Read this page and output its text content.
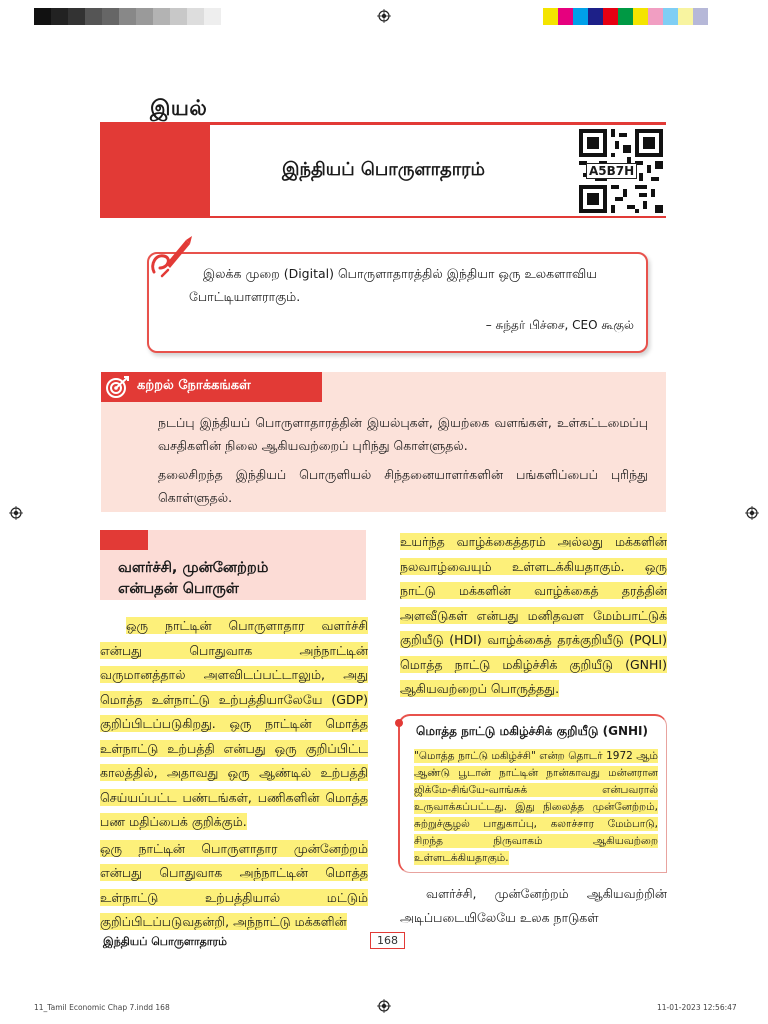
இயல்
இந்தியப் பொருளாதாரம்	A5B7H
இலக்க முறை (Digital) பொருளாதாரத்தில் இந்தியா ஒரு உலகளாவிய போட்டியாளராகும்.
– சுந்தர் பிச்சை, CEO கூகுல்
கற்றல் நோக்கங்கள்
நடப்பு இந்தியப் பொருளாதாரத்தின் இயல்புகள், இயற்கை வளங்கள், உள்கட்டமைப்பு வசதிகளின் நிலை ஆகியவற்றைப் புரிந்து கொள்ளுதல்.
தலைசிறந்த இந்தியப் பொருளியல் சிந்தனையாளர்களின் பங்களிப்பைப் புரிந்து கொள்ளுதல்.
வளர்ச்சி, முன்னேற்றம்
என்பதன் பொருள்

ஒரு நாட்டின் பொருளாதார வளர்ச்சி என்பது பொதுவாக அந்நாட்டின் வருமானத்தால் அளவிடப்பட்டாலும், அது மொத்த உள்நாட்டு உற்பத்தியாலேயே (GDP) குறிப்பிடப்படுகிறது. ஒரு நாட்டின் மொத்த உள்நாட்டு உற்பத்தி என்பது ஒரு குறிப்பிட்ட காலத்தில், அதாவது ஒரு ஆண்டில் உற்பத்தி செய்யப்பட்ட பண்டங்கள், பணிகளின் மொத்த பண மதிப்பைக் குறிக்கும்.

ஒரு நாட்டின் பொருளாதார முன்னேற்றம் என்பது பொதுவாக அந்நாட்டின் மொத்த உள்நாட்டு உற்பத்தியால் மட்டும் குறிப்பிடப்படுவதன்றி, அந்நாட்டு மக்களின்

உயர்ந்த வாழ்க்கைத்தரம் அல்லது மக்களின் நலவாழ்வையும் உள்ளடக்கியதாகும். ஒரு நாட்டு மக்களின் வாழ்க்கைத் தரத்தின் அளவீடுகள் என்பது மனிதவள மேம்பாட்டுக் குறியீடு (HDI) வாழ்க்கைத் தரக்குறியீடு (PQLI) மொத்த நாட்டு மகிழ்ச்சிக் குறியீடு (GNHI) ஆகியவற்றைப் பொருத்தது.

மொத்த நாட்டு மகிழ்ச்சிக் குறியீடு (GNHI)
"மொத்த நாட்டு மகிழ்ச்சி" என்ற தொடர் 1972 ஆம் ஆண்டு பூடான் நாட்டின் நான்காவது மன்னரான ஜிக்மே-சிங்யே-வாங்சுக் என்பவரால் உருவாக்கப்பட்டது. இது நிலைத்த முன்னேற்றம், சுற்றுச்சூழல் பாதுகாப்பு, கலாச்சார மேம்பாடு, சிறந்த நிருவாகம் ஆகியவற்றை உள்ளடக்கியதாகும்.
வளர்ச்சி, முன்னேற்றம் ஆகியவற்றின் அடிப்படையிலேயே உலக நாடுகள்
இந்தியப் பொருளாதாரம்	168
11_Tamil Economic Chap 7.indd 168	11-01-2023 12:56:47
